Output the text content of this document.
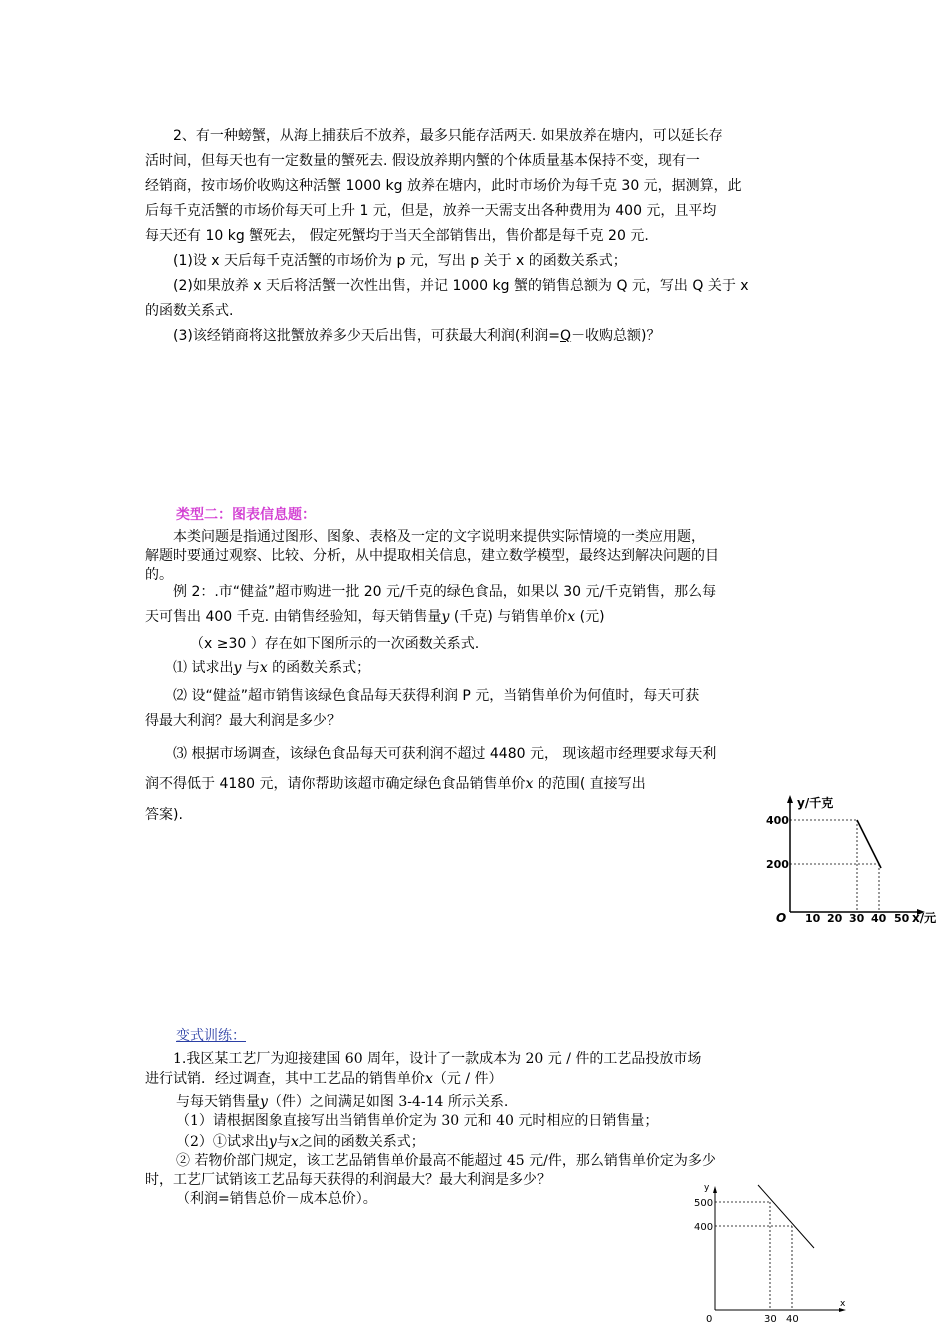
2、有一种螃蟹，从海上捕获后不放养，最多只能存活两天. 如果放养在塘内，可以延长存

活时间，但每天也有一定数量的蟹死去. 假设放养期内蟹的个体质量基本保持不变，现有一

经销商，按市场价收购这种活蟹 1000 kg 放养在塘内，此时市场价为每千克 30 元，据测算，此

后每千克活蟹的市场价每天可上升 1 元，但是，放养一天需支出各种费用为 400 元，且平均

每天还有 10 kg 蟹死去， 假定死蟹均于当天全部销售出，售价都是每千克 20 元.

(1)设 x 天后每千克活蟹的市场价为 p 元，写出 p 关于 x 的函数关系式；

(2)如果放养 x 天后将活蟹一次性出售，并记 1000 kg 蟹的销售总额为 Q 元，写出 Q 关于 x

的函数关系式.

(3)该经销商将这批蟹放养多少天后出售，可获最大利润(利润=Q－收购总额)？

类型二：图表信息题：

本类问题是指通过图形、图象、表格及一定的文字说明来提供实际情境的一类应用题，

解题时要通过观察、比较、分析，从中提取相关信息，建立数学模型，最终达到解决问题的目

的。

例 2：.市“健益”超市购进一批 20 元/千克的绿色食品，如果以 30 元/千克销售，那么每

天可售出 400 千克. 由销售经验知，每天销售量y (千克) 与销售单价x (元)

（x ≥30 ）存在如下图所示的一次函数关系式.

⑴ 试求出y 与x 的函数关系式；

⑵ 设“健益”超市销售该绿色食品每天获得利润 P 元，当销售单价为何值时，每天可获

得最大利润？最大利润是多少？

⑶ 根据市场调查，该绿色食品每天可获利润不超过 4480 元， 现该超市经理要求每天利

润不得低于 4180 元，请你帮助该超市确定绿色食品销售单价x 的范围( 直接写出

答案).

y/千克
x/元
O
400
200
10 20 30 40 50
变式训练：

1.我区某工艺厂为迎接建国 60 周年，设计了一款成本为 20 元 / 件的工艺品投放市场

进行试销．经过调查，其中工艺品的销售单价x（元 / 件）

与每天销售量y（件）之间满足如图 3-4-14 所示关系.

（1）请根据图象直接写出当销售单价定为 30 元和 40 元时相应的日销售量；

（2）①试求出y与x之间的函数关系式；

② 若物价部门规定，该工艺品销售单价最高不能超过 45 元/件，那么销售单价定为多少

时，工艺厂试销该工艺品每天获得的利润最大？最大利润是多少？

（利润=销售总价－成本总价）。

y
x
0
500
400
30 40
